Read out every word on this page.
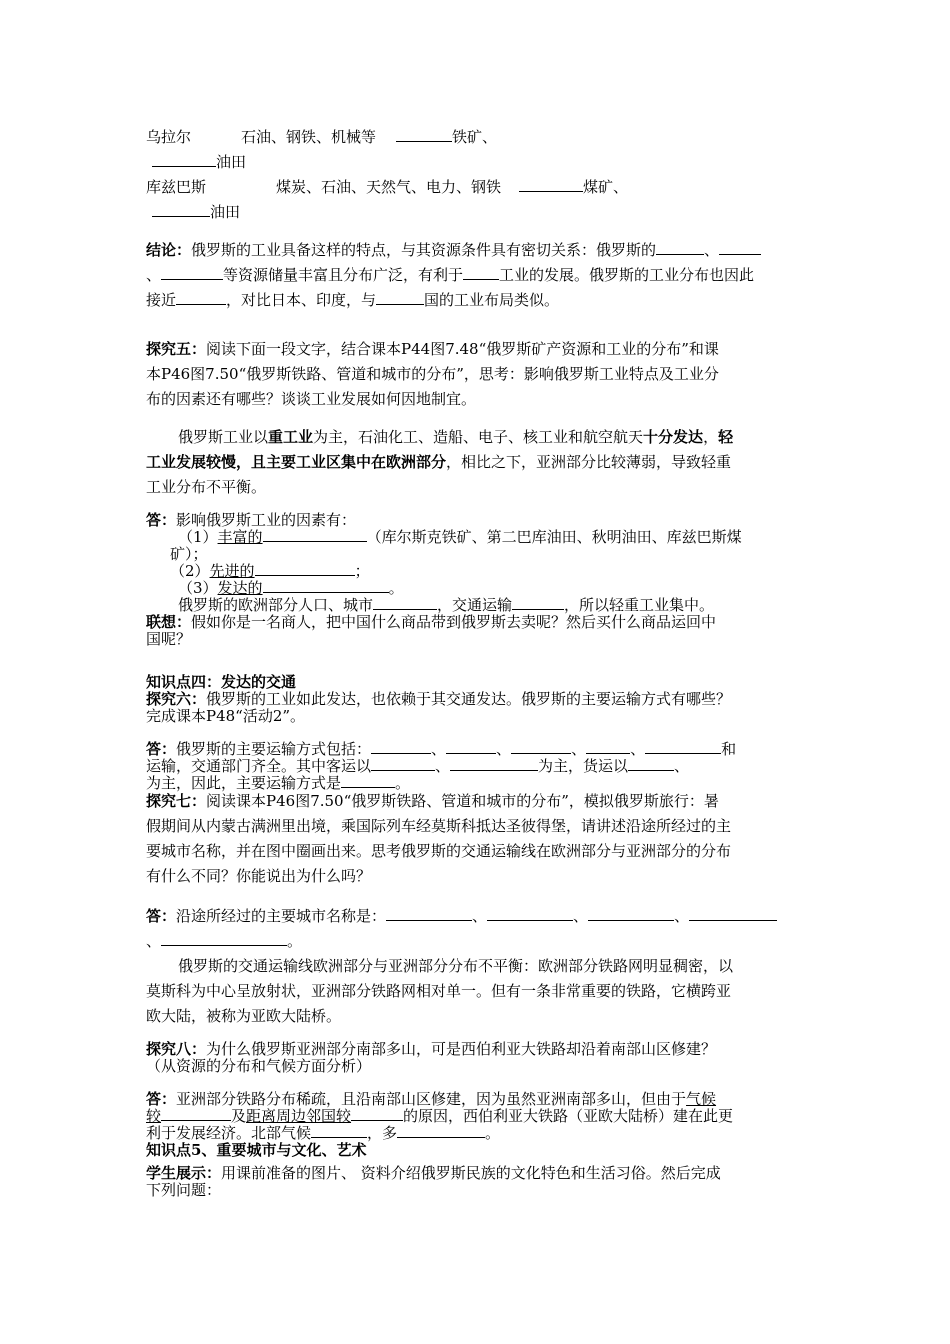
乌拉尔	石油、钢铁、机械等	铁矿、
油田
库兹巴斯	煤炭、石油、天然气、电力、钢铁	煤矿、
油田
结论：俄罗斯的工业具备这样的特点，与其资源条件具有密切关系：俄罗斯的	、
、	等资源储量丰富且分布广泛，有利于 工业的发展。俄罗斯的工业分布也因此
接近	，对比日本、印度，与	国的工业布局类似。
探究五：阅读下面一段文字，结合课本P44图7.48“俄罗斯矿产资源和工业的分布”和课
本P46图7.50“俄罗斯铁路、管道和城市的分布”，思考：影响俄罗斯工业特点及工业分
布的因素还有哪些？谈谈工业发展如何因地制宜。
俄罗斯工业以重工业为主，石油化工、造船、电子、核工业和航空航天十分发达，轻
工业发展较慢，且主要工业区集中在欧洲部分，相比之下，亚洲部分比较薄弱，导致轻重
工业分布不平衡。
答：影响俄罗斯工业的因素有：
（1）丰富的	（库尔斯克铁矿、第二巴库油田、秋明油田、库兹巴斯煤
矿）；
（2）先进的	；
（3）发达的	。
俄罗斯的欧洲部分人口、城市	，交通运输	，所以轻重工业集中。
联想：假如你是一名商人，把中国什么商品带到俄罗斯去卖呢？然后买什么商品运回中
国呢？
知识点四：发达的交通
探究六：俄罗斯的工业如此发达，也依赖于其交通发达。俄罗斯的主要运输方式有哪些？
完成课本P48“活动2”。
答：俄罗斯的主要运输方式包括：	、	、	、	、	和
运输，交通部门齐全。其中客运以	、	为主，货运以	、
为主，因此，主要运输方式是	。
探究七：阅读课本P46图7.50“俄罗斯铁路、管道和城市的分布”，模拟俄罗斯旅行：暑
假期间从内蒙古满洲里出境，乘国际列车经莫斯科抵达圣彼得堡，请讲述沿途所经过的主
要城市名称，并在图中圈画出来。思考俄罗斯的交通运输线在欧洲部分与亚洲部分的分布
有什么不同？你能说出为什么吗？
答：沿途所经过的主要城市名称是：	、	、	、
、	。
俄罗斯的交通运输线欧洲部分与亚洲部分分布不平衡：欧洲部分铁路网明显稠密，以
莫斯科为中心呈放射状，亚洲部分铁路网相对单一。但有一条非常重要的铁路，它横跨亚
欧大陆，被称为亚欧大陆桥。
探究八：为什么俄罗斯亚洲部分南部多山，可是西伯利亚大铁路却沿着南部山区修建？
（从资源的分布和气候方面分析）
答：亚洲部分铁路分布稀疏，且沿南部山区修建，因为虽然亚洲南部多山，但由于气候
较	及距离周边邻国较	的原因，西伯利亚大铁路（亚欧大陆桥）建在此更
利于发展经济。北部气候	，多	。
知识点5、重要城市与文化、艺术
学生展示：用课前准备的图片、 资料介绍俄罗斯民族的文化特色和生活习俗。然后完成
下列问题：
